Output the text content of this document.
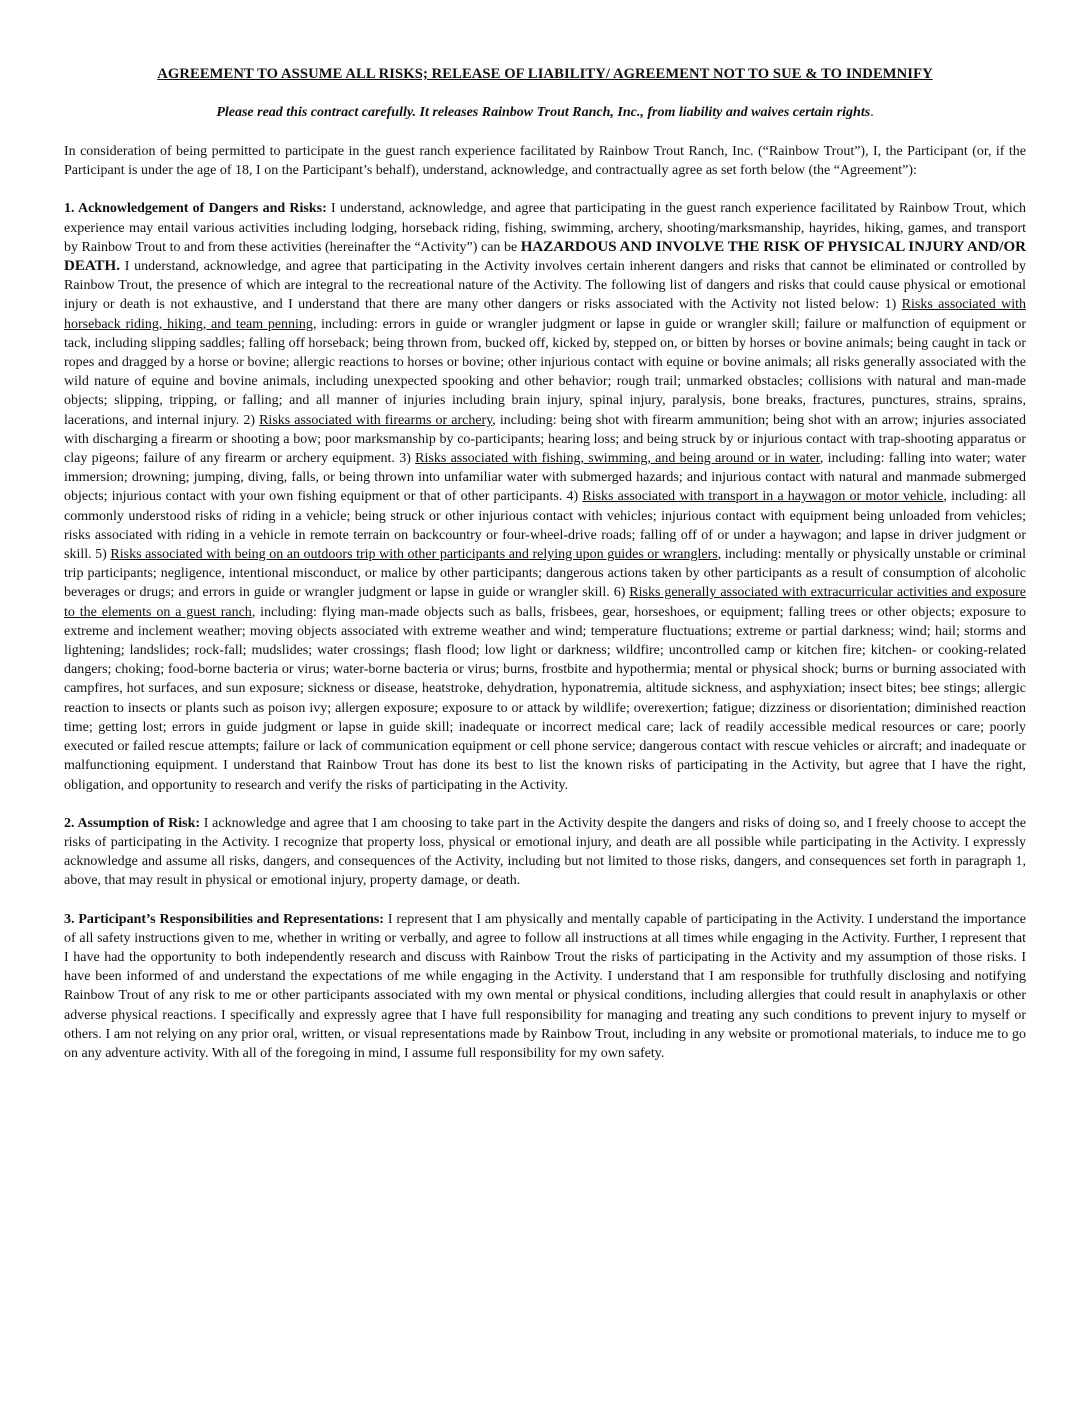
AGREEMENT TO ASSUME ALL RISKS; RELEASE OF LIABILITY/ AGREEMENT NOT TO SUE & TO INDEMNIFY
Please read this contract carefully. It releases Rainbow Trout Ranch, Inc., from liability and waives certain rights.
In consideration of being permitted to participate in the guest ranch experience facilitated by Rainbow Trout Ranch, Inc. (“Rainbow Trout”), I, the Participant (or, if the Participant is under the age of 18, I on the Participant’s behalf), understand, acknowledge, and contractually agree as set forth below (the “Agreement”):
1. Acknowledgement of Dangers and Risks: I understand, acknowledge, and agree that participating in the guest ranch experience facilitated by Rainbow Trout, which experience may entail various activities including lodging, horseback riding, fishing, swimming, archery, shooting/marksmanship, hayrides, hiking, games, and transport by Rainbow Trout to and from these activities (hereinafter the “Activity”) can be HAZARDOUS AND INVOLVE THE RISK OF PHYSICAL INJURY AND/OR DEATH. I understand, acknowledge, and agree that participating in the Activity involves certain inherent dangers and risks that cannot be eliminated or controlled by Rainbow Trout, the presence of which are integral to the recreational nature of the Activity. The following list of dangers and risks that could cause physical or emotional injury or death is not exhaustive, and I understand that there are many other dangers or risks associated with the Activity not listed below: 1) Risks associated with horseback riding, hiking, and team penning, including: errors in guide or wrangler judgment or lapse in guide or wrangler skill; failure or malfunction of equipment or tack, including slipping saddles; falling off horseback; being thrown from, bucked off, kicked by, stepped on, or bitten by horses or bovine animals; being caught in tack or ropes and dragged by a horse or bovine; allergic reactions to horses or bovine; other injurious contact with equine or bovine animals; all risks generally associated with the wild nature of equine and bovine animals, including unexpected spooking and other behavior; rough trail; unmarked obstacles; collisions with natural and man-made objects; slipping, tripping, or falling; and all manner of injuries including brain injury, spinal injury, paralysis, bone breaks, fractures, punctures, strains, sprains, lacerations, and internal injury. 2) Risks associated with firearms or archery, including: being shot with firearm ammunition; being shot with an arrow; injuries associated with discharging a firearm or shooting a bow; poor marksmanship by co-participants; hearing loss; and being struck by or injurious contact with trap-shooting apparatus or clay pigeons; failure of any firearm or archery equipment. 3) Risks associated with fishing, swimming, and being around or in water, including: falling into water; water immersion; drowning; jumping, diving, falls, or being thrown into unfamiliar water with submerged hazards; and injurious contact with natural and manmade submerged objects; injurious contact with your own fishing equipment or that of other participants. 4) Risks associated with transport in a haywagon or motor vehicle, including: all commonly understood risks of riding in a vehicle; being struck or other injurious contact with vehicles; injurious contact with equipment being unloaded from vehicles; risks associated with riding in a vehicle in remote terrain on backcountry or four-wheel-drive roads; falling off of or under a haywagon; and lapse in driver judgment or skill. 5) Risks associated with being on an outdoors trip with other participants and relying upon guides or wranglers, including: mentally or physically unstable or criminal trip participants; negligence, intentional misconduct, or malice by other participants; dangerous actions taken by other participants as a result of consumption of alcoholic beverages or drugs; and errors in guide or wrangler judgment or lapse in guide or wrangler skill. 6) Risks generally associated with extracurricular activities and exposure to the elements on a guest ranch, including: flying man-made objects such as balls, frisbees, gear, horseshoes, or equipment; falling trees or other objects; exposure to extreme and inclement weather; moving objects associated with extreme weather and wind; temperature fluctuations; extreme or partial darkness; wind; hail; storms and lightening; landslides; rock-fall; mudslides; water crossings; flash flood; low light or darkness; wildfire; uncontrolled camp or kitchen fire; kitchen- or cooking-related dangers; choking; food-borne bacteria or virus; water-borne bacteria or virus; burns, frostbite and hypothermia; mental or physical shock; burns or burning associated with campfires, hot surfaces, and sun exposure; sickness or disease, heatstroke, dehydration, hyponatremia, altitude sickness, and asphyxiation; insect bites; bee stings; allergic reaction to insects or plants such as poison ivy; allergen exposure; exposure to or attack by wildlife; overexertion; fatigue; dizziness or disorientation; diminished reaction time; getting lost; errors in guide judgment or lapse in guide skill; inadequate or incorrect medical care; lack of readily accessible medical resources or care; poorly executed or failed rescue attempts; failure or lack of communication equipment or cell phone service; dangerous contact with rescue vehicles or aircraft; and inadequate or malfunctioning equipment. I understand that Rainbow Trout has done its best to list the known risks of participating in the Activity, but agree that I have the right, obligation, and opportunity to research and verify the risks of participating in the Activity.
2. Assumption of Risk: I acknowledge and agree that I am choosing to take part in the Activity despite the dangers and risks of doing so, and I freely choose to accept the risks of participating in the Activity. I recognize that property loss, physical or emotional injury, and death are all possible while participating in the Activity. I expressly acknowledge and assume all risks, dangers, and consequences of the Activity, including but not limited to those risks, dangers, and consequences set forth in paragraph 1, above, that may result in physical or emotional injury, property damage, or death.
3. Participant’s Responsibilities and Representations: I represent that I am physically and mentally capable of participating in the Activity. I understand the importance of all safety instructions given to me, whether in writing or verbally, and agree to follow all instructions at all times while engaging in the Activity. Further, I represent that I have had the opportunity to both independently research and discuss with Rainbow Trout the risks of participating in the Activity and my assumption of those risks. I have been informed of and understand the expectations of me while engaging in the Activity. I understand that I am responsible for truthfully disclosing and notifying Rainbow Trout of any risk to me or other participants associated with my own mental or physical conditions, including allergies that could result in anaphylaxis or other adverse physical reactions. I specifically and expressly agree that I have full responsibility for managing and treating any such conditions to prevent injury to myself or others. I am not relying on any prior oral, written, or visual representations made by Rainbow Trout, including in any website or promotional materials, to induce me to go on any adventure activity. With all of the foregoing in mind, I assume full responsibility for my own safety.
